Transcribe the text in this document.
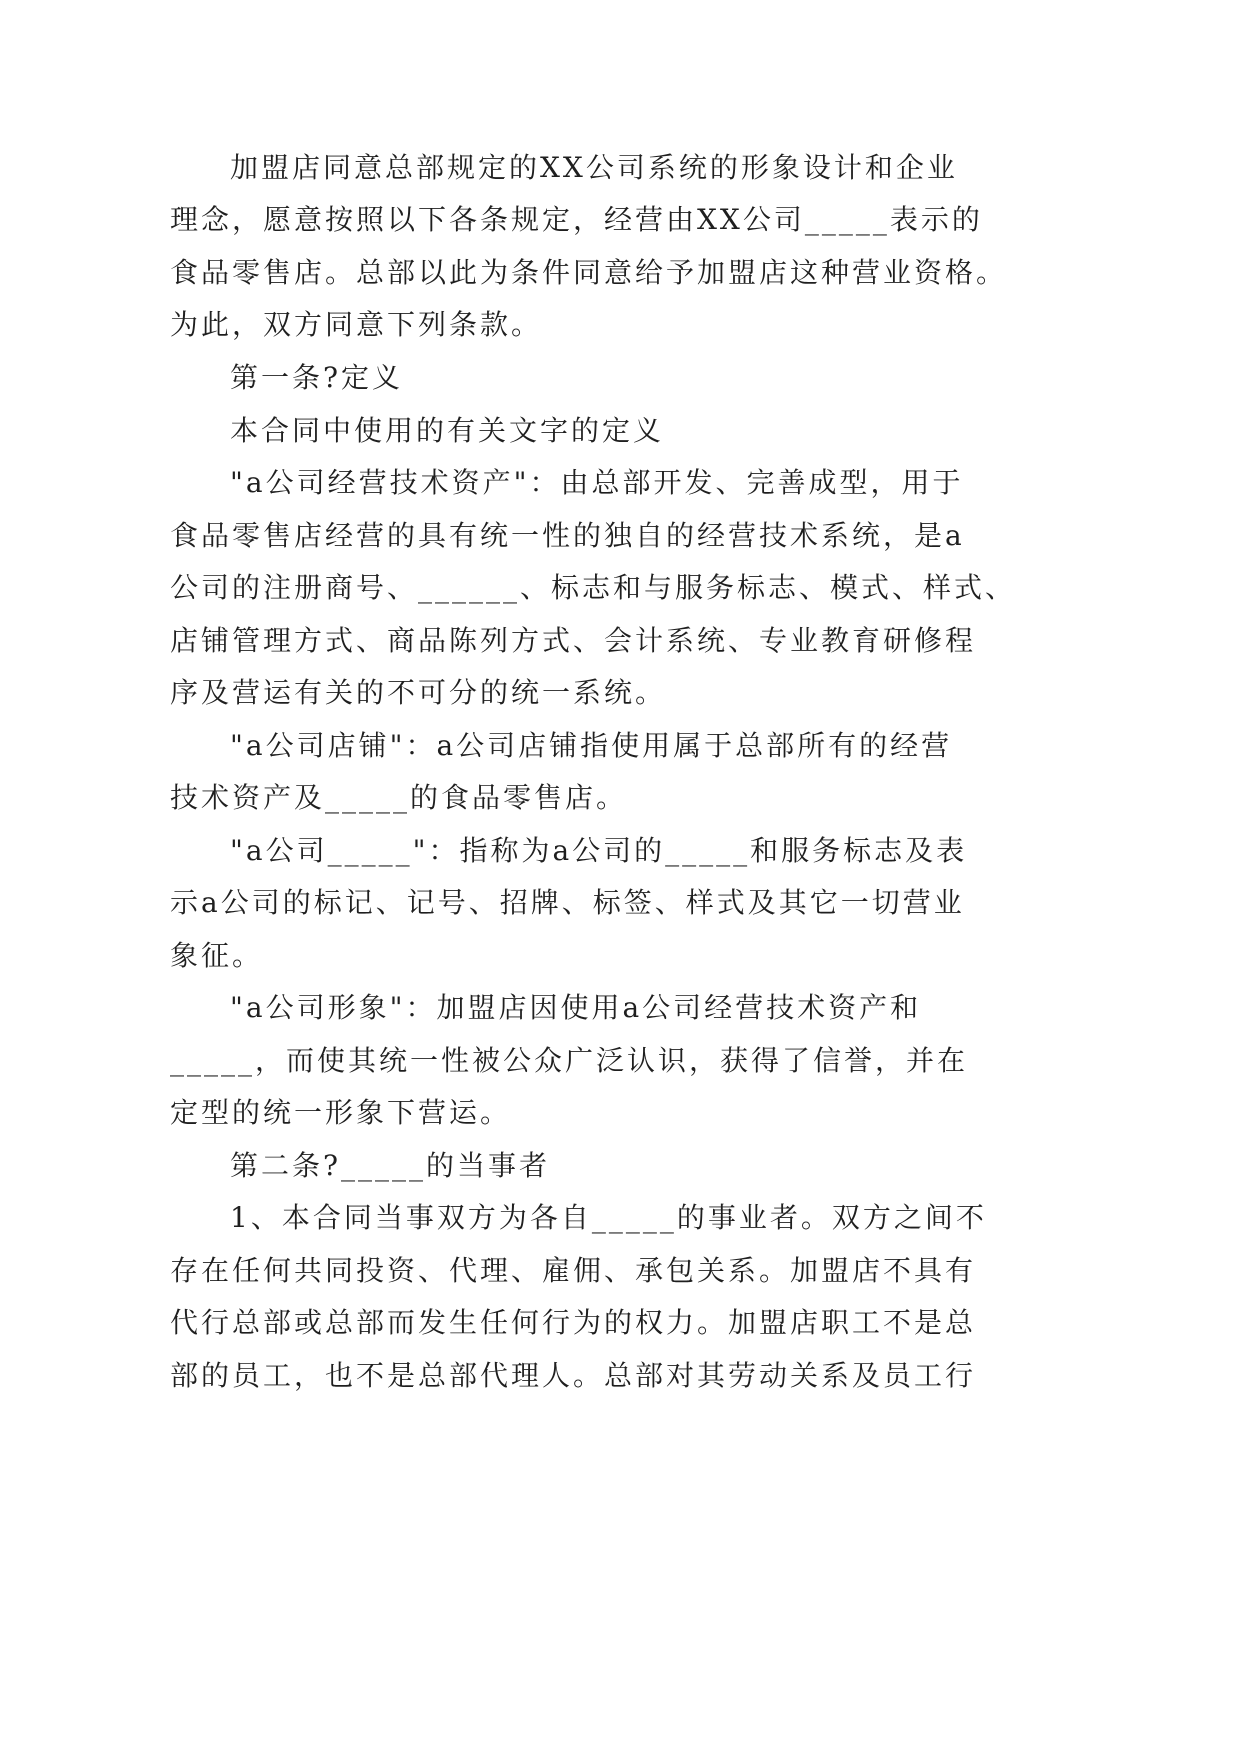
加盟店同意总部规定的XX公司系统的形象设计和企业
理念，愿意按照以下各条规定，经营由XX公司_____表示的
食品零售店。总部以此为条件同意给予加盟店这种营业资格。
为此，双方同意下列条款。
第一条?定义
本合同中使用的有关文字的定义
"a公司经营技术资产"：由总部开发、完善成型，用于
食品零售店经营的具有统一性的独自的经营技术系统，是a
公司的注册商号、______、标志和与服务标志、模式、样式、
店铺管理方式、商品陈列方式、会计系统、专业教育研修程
序及营运有关的不可分的统一系统。
"a公司店铺"：a公司店铺指使用属于总部所有的经营
技术资产及_____的食品零售店。
"a公司_____"：指称为a公司的_____和服务标志及表
示a公司的标记、记号、招牌、标签、样式及其它一切营业
象征。
"a公司形象"：加盟店因使用a公司经营技术资产和
_____，而使其统一性被公众广泛认识，获得了信誉，并在
定型的统一形象下营运。
第二条?_____的当事者
1、本合同当事双方为各自_____的事业者。双方之间不
存在任何共同投资、代理、雇佣、承包关系。加盟店不具有
代行总部或总部而发生任何行为的权力。加盟店职工不是总
部的员工，也不是总部代理人。总部对其劳动关系及员工行
